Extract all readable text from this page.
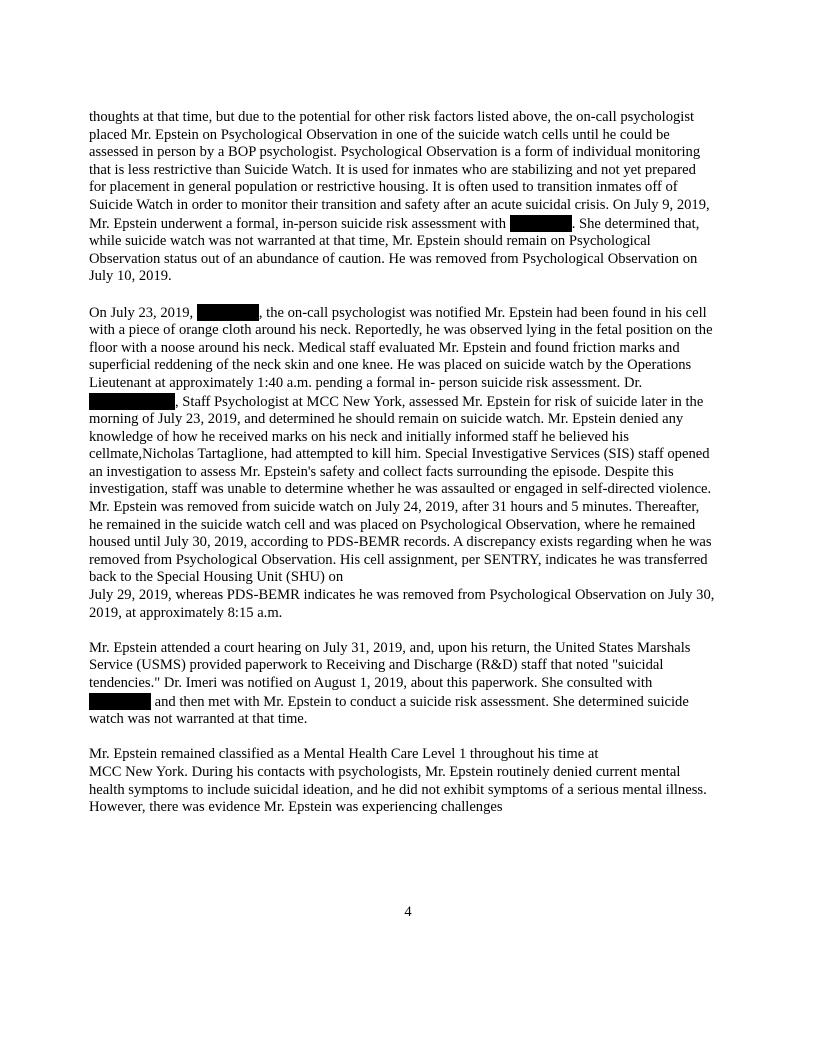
thoughts at that time, but due to the potential for other risk factors listed above, the on-call psychologist placed Mr. Epstein on Psychological Observation in one of the suicide watch cells until he could be assessed in person by a BOP psychologist. Psychological Observation is a form of individual monitoring that is less restrictive than Suicide Watch. It is used for inmates who are stabilizing and not yet prepared for placement in general population or restrictive housing. It is often used to transition inmates off of Suicide Watch in order to monitor their transition and safety after an acute suicidal crisis. On July 9, 2019, Mr. Epstein underwent a formal, in-person suicide risk assessment with	. She determined that, while suicide watch was not warranted at that time, Mr. Epstein should remain on Psychological Observation status out of an abundance of caution. He was removed from Psychological Observation on July 10, 2019.

On July 23, 2019,	, the on-call psychologist was notified Mr. Epstein had been found in his cell with a piece of orange cloth around his neck. Reportedly, he was observed lying in the fetal position on the floor with a noose around his neck. Medical staff evaluated Mr. Epstein and found friction marks and superficial reddening of the neck skin and one knee. He was placed on suicide watch by the Operations Lieutenant at approximately 1:40 a.m. pending a formal in- person suicide risk assessment. Dr. , Staff Psychologist at MCC New York, assessed Mr. Epstein for risk of suicide later in the morning of July 23, 2019, and determined he should remain on suicide watch. Mr. Epstein denied any knowledge of how he received marks on his neck and initially informed staff he believed his cellmate,Nicholas Tartaglione, had attempted to kill him. Special Investigative Services (SIS) staff opened an investigation to assess Mr. Epstein's safety and collect facts surrounding the episode. Despite this investigation, staff was unable to determine whether he was assaulted or engaged in self-directed violence.

Mr. Epstein was removed from suicide watch on July 24, 2019, after 31 hours and 5 minutes. Thereafter, he remained in the suicide watch cell and was placed on Psychological Observation, where he remained housed until July 30, 2019, according to PDS-BEMR records. A discrepancy exists regarding when he was removed from Psychological Observation. His cell assignment, per SENTRY, indicates he was transferred back to the Special Housing Unit (SHU) on
July 29, 2019, whereas PDS-BEMR indicates he was removed from Psychological Observation on July 30, 2019, at approximately 8:15 a.m.

Mr. Epstein attended a court hearing on July 31, 2019, and, upon his return, the United States Marshals Service (USMS) provided paperwork to Receiving and Discharge (R&D) staff that noted "suicidal tendencies." Dr. Imeri was notified on August 1, 2019, about this paperwork. She consulted with  and then met with Mr. Epstein to conduct a suicide risk assessment. She determined suicide watch was not warranted at that time.

Mr. Epstein remained classified as a Mental Health Care Level 1 throughout his time at
MCC New York. During his contacts with psychologists, Mr. Epstein routinely denied current mental health symptoms to include suicidal ideation, and he did not exhibit symptoms of a serious mental illness. However, there was evidence Mr. Epstein was experiencing challenges

4
